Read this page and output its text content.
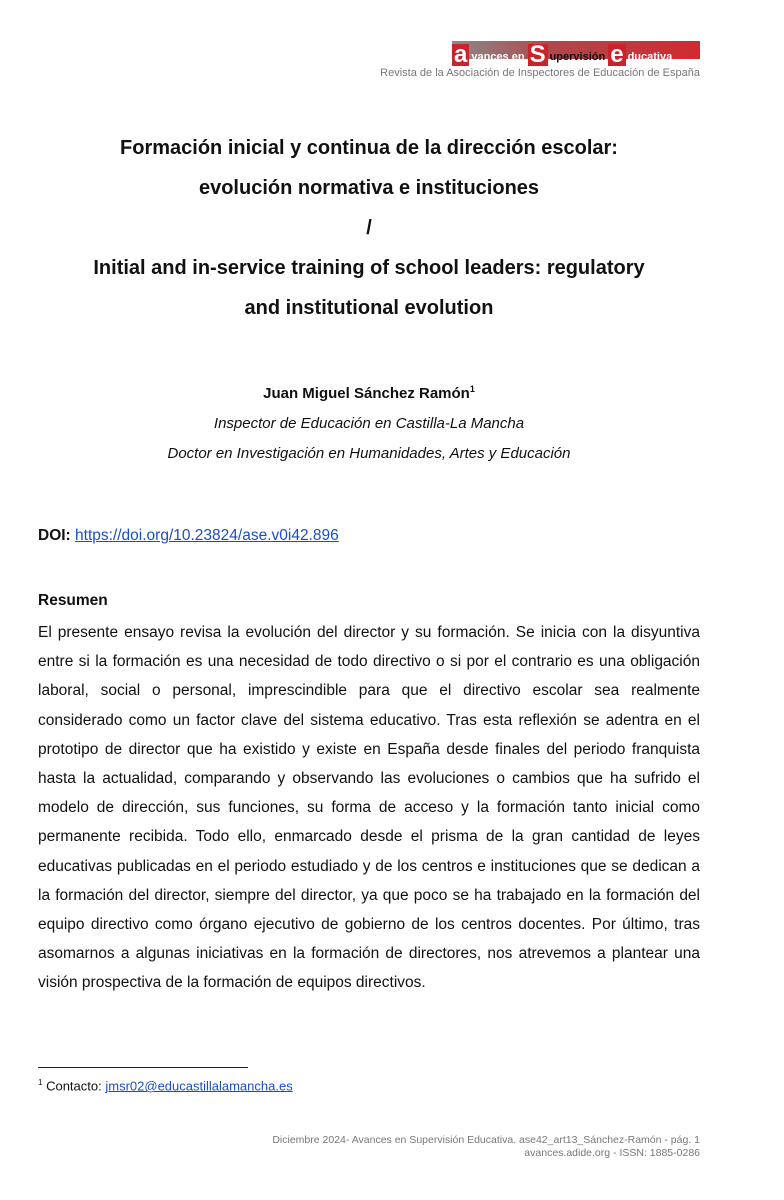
a vances en S upervisión e ducativa
Revista de la Asociación de Inspectores de Educación de España
Formación inicial y continua de la dirección escolar:
evolución normativa e instituciones
/
Initial and in-service training of school leaders: regulatory
and institutional evolution
Juan Miguel Sánchez Ramón$^1$
Inspector de Educación en Castilla-La Mancha
Doctor en Investigación en Humanidades, Artes y Educación
DOI: https://doi.org/10.23824/ase.v0i42.896
Resumen

El presente ensayo revisa la evolución del director y su formación. Se inicia con la disyuntiva entre si la formación es una necesidad de todo directivo o si por el contrario es una obligación laboral, social o personal, imprescindible para que el directivo escolar sea realmente considerado como un factor clave del sistema educativo. Tras esta reflexión se adentra en el prototipo de director que ha existido y existe en España desde finales del periodo franquista hasta la actualidad, comparando y observando las evoluciones o cambios que ha sufrido el modelo de dirección, sus funciones, su forma de acceso y la formación tanto inicial como permanente recibida. Todo ello, enmarcado desde el prisma de la gran cantidad de leyes educativas publicadas en el periodo estudiado y de los centros e instituciones que se dedican a la formación del director, siempre del director, ya que poco se ha trabajado en la formación del equipo directivo como órgano ejecutivo de gobierno de los centros docentes. Por último, tras asomarnos a algunas iniciativas en la formación de directores, nos atrevemos a plantear una visión prospectiva de la formación de equipos directivos.

$^1$ Contacto: jmsr02@educastillalamancha.es
Diciembre 2024- Avances en Supervisión Educativa. ase42_art13_Sánchez-Ramón - pág. 1
avances.adide.org - ISSN: 1885-0286
